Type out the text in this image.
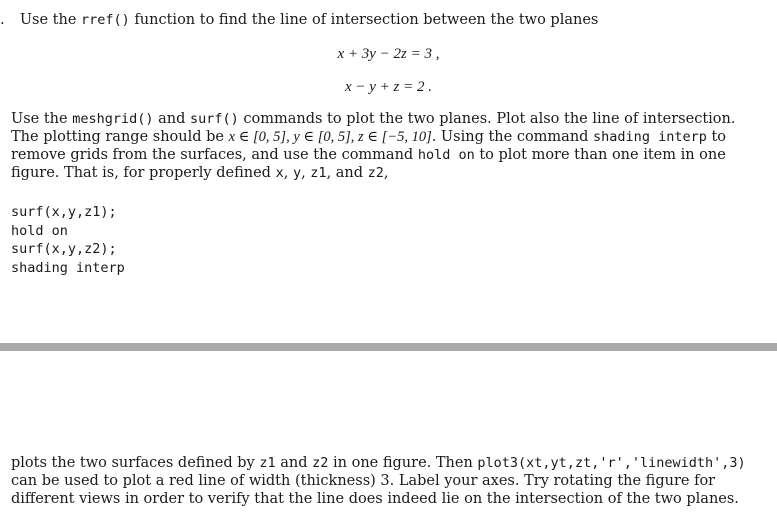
. Use the rref() function to find the line of intersection between the two planes
x + 3y − 2z = 3 ,
x − y + z = 2 .

Use the meshgrid() and surf() commands to plot the two planes. Plot also the line of intersection. The plotting range should be x ∈ [0, 5], y ∈ [0, 5], z ∈ [−5, 10]. Using the command shading interp to remove grids from the surfaces, and use the command hold on to plot more than one item in one figure. That is, for properly defined x, y, z1, and z2,

surf(x,y,z1);
hold on
surf(x,y,z2);
shading interp

plots the two surfaces defined by z1 and z2 in one figure. Then plot3(xt,yt,zt,'r','linewidth',3) can be used to plot a red line of width (thickness) 3. Label your axes. Try rotating the figure for different views in order to verify that the line does indeed lie on the intersection of the two planes.
